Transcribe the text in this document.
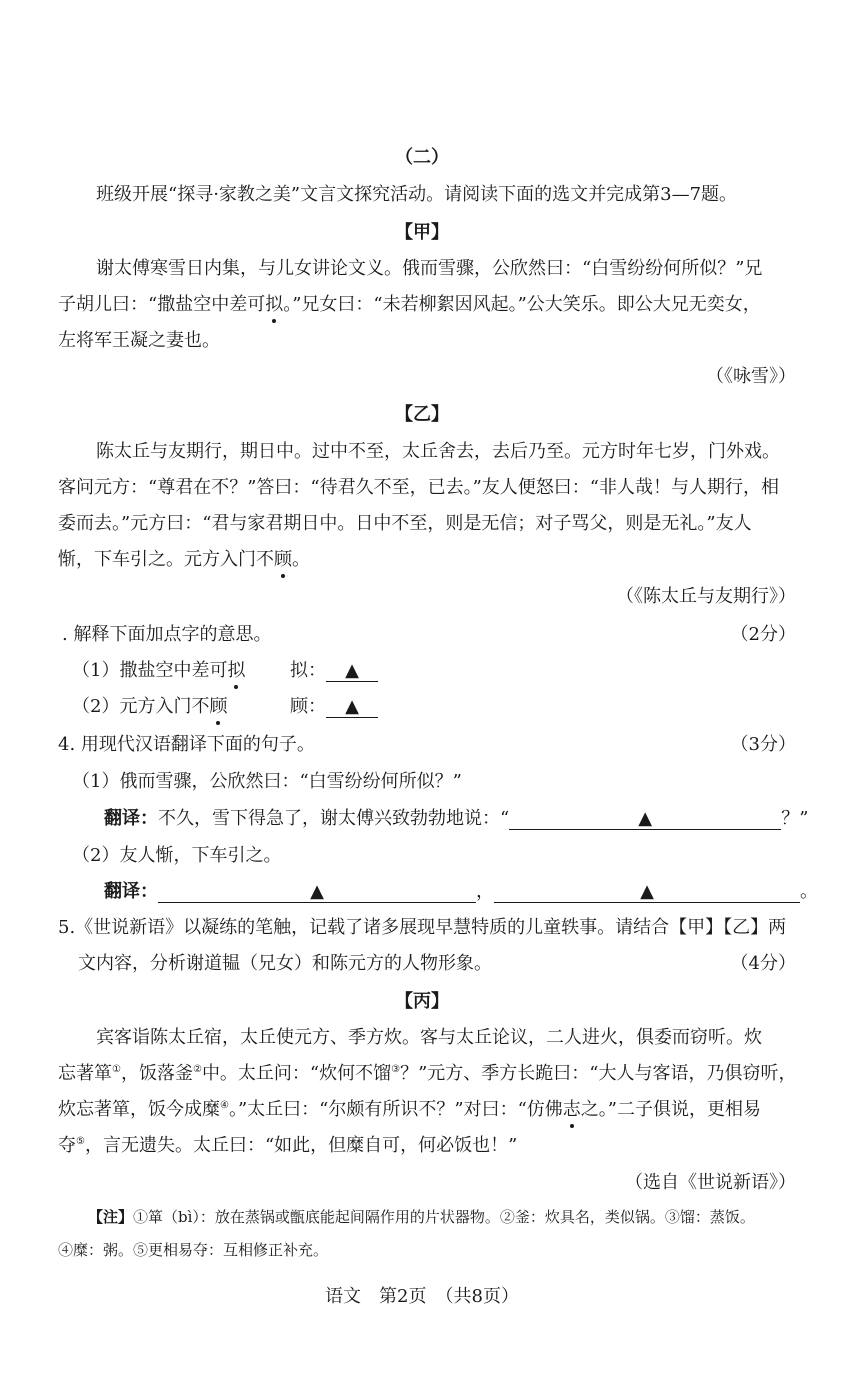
（二）
班级开展“探寻·家教之美”文言文探究活动。请阅读下面的选文并完成第3—7题。
【甲】
谢太傅寒雪日内集，与儿女讲论文义。俄而雪骤，公欣然曰：“白雪纷纷何所似？”兄
子胡儿曰：“撒盐空中差可拟。”兄女曰：“未若柳絮因风起。”公大笑乐。即公大兄无奕女，
左将军王凝之妻也。
（《咏雪》）
【乙】
陈太丘与友期行，期日中。过中不至，太丘舍去，去后乃至。元方时年七岁，门外戏。
客问元方：“尊君在不？”答曰：“待君久不至，已去。”友人便怒曰：“非人哉！与人期行，相
委而去。”元方曰：“君与家君期日中。日中不至，则是无信；对子骂父，则是无礼。”友人
惭，下车引之。元方入门不顾。
（《陈太丘与友期行》）
. 解释下面加点字的意思。	（2分）
（1）撒盐空中差可拟 拟： ▲
（2）元方入门不顾	顾： ▲
4. 用现代汉语翻译下面的句子。	（3分）
（1）俄而雪骤，公欣然曰：“白雪纷纷何所似？”
翻译：不久，雪下得急了，谢太傅兴致勃勃地说：“	▲	？”
（2）友人惭，下车引之。
翻译：	▲	，	▲	。
5.《世说新语》以凝练的笔触，记载了诸多展现早慧特质的儿童轶事。请结合【甲】【乙】两
文内容，分析谢道韫（兄女）和陈元方的人物形象。	（4分）
【丙】
宾客诣陈太丘宿，太丘使元方、季方炊。客与太丘论议，二人进火，俱委而窃听。炊
忘著箪①，饭落釜②中。太丘问：“炊何不馏③？”元方、季方长跪曰：“大人与客语，乃俱窃听，
炊忘著箪，饭今成糜④。”太丘曰：“尔颇有所识不？”对曰：“仿佛志之。”二子俱说，更相易
夺⑤，言无遗失。太丘曰：“如此，但糜自可，何必饭也！”
（选自《世说新语》）
【注】①箪（bì）：放在蒸锅或甑底能起间隔作用的片状器物。②釜：炊具名，类似锅。③馏：蒸饭。
④糜：粥。⑤更相易夺：互相修正补充。
语文　第2页　（共8页）
